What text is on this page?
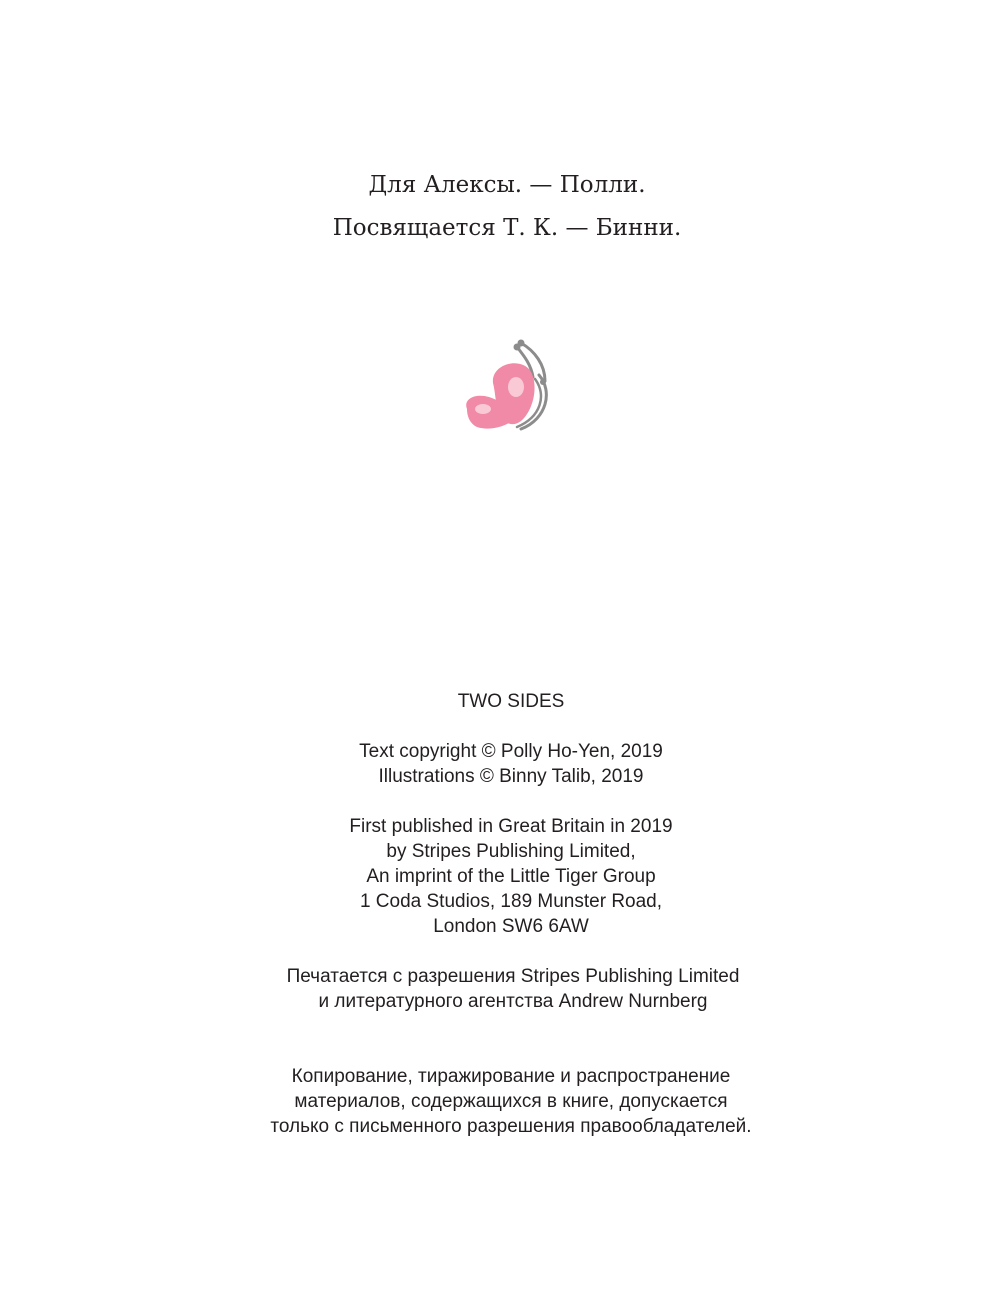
Для Алексы. — Полли.
Посвящается Т. К. — Бинни.
TWO SIDES
Text copyright © Polly Ho-Yen, 2019
Illustrations © Binny Talib, 2019
First published in Great Britain in 2019
by Stripes Publishing Limited,
An imprint of the Little Tiger Group
1 Coda Studios, 189 Munster Road,
London SW6 6AW
Печатается с разрешения Stripes Publishing Limited
и литературного агентства Andrew Nurnberg
Копирование, тиражирование и распространение
материалов, содержащихся в книге, допускается
только с письменного разрешения правообладателей.
